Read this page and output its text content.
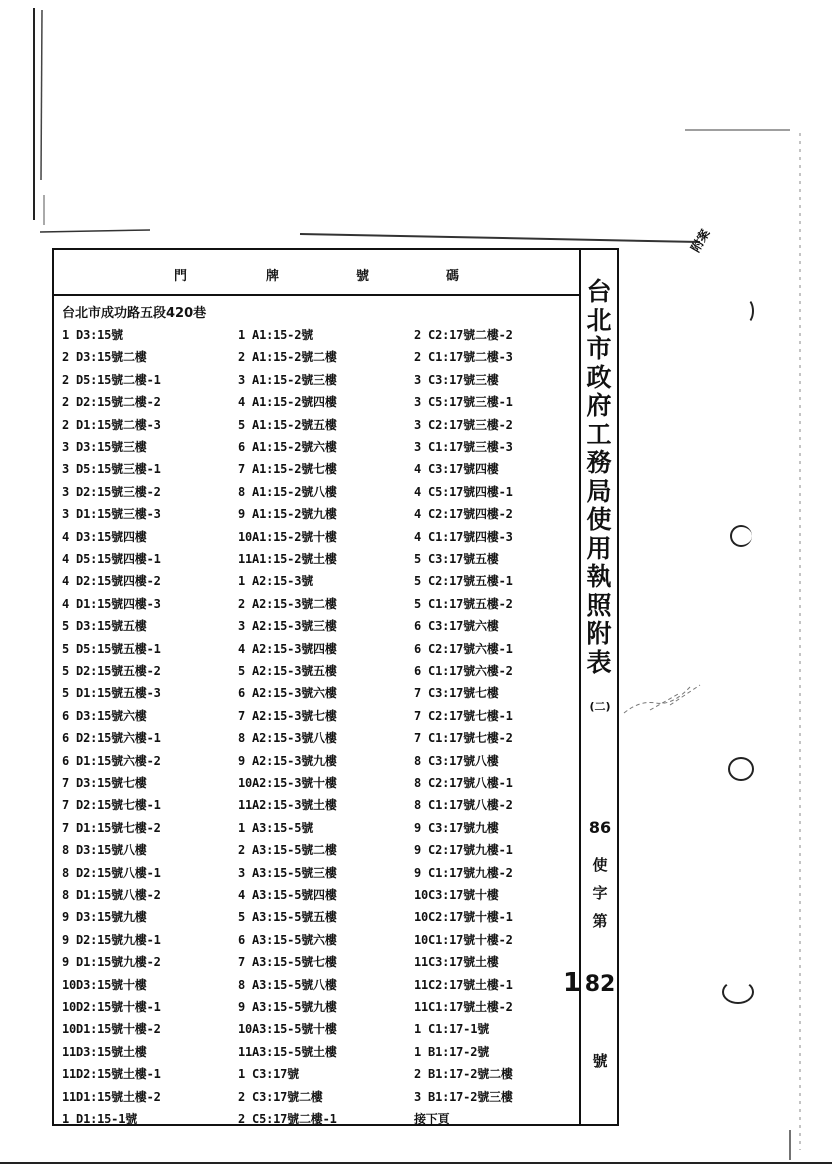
附案
門	牌	號	碼
台北市成功路五段420巷
1 D3:15號
2 D3:15號二樓
2 D5:15號二樓-1
2 D2:15號二樓-2
2 D1:15號二樓-3
3 D3:15號三樓
3 D5:15號三樓-1
3 D2:15號三樓-2
3 D1:15號三樓-3
4 D3:15號四樓
4 D5:15號四樓-1
4 D2:15號四樓-2
4 D1:15號四樓-3
5 D3:15號五樓
5 D5:15號五樓-1
5 D2:15號五樓-2
5 D1:15號五樓-3
6 D3:15號六樓
6 D2:15號六樓-1
6 D1:15號六樓-2
7 D3:15號七樓
7 D2:15號七樓-1
7 D1:15號七樓-2
8 D3:15號八樓
8 D2:15號八樓-1
8 D1:15號八樓-2
9 D3:15號九樓
9 D2:15號九樓-1
9 D1:15號九樓-2
10D3:15號十樓
10D2:15號十樓-1
10D1:15號十樓-2
11D3:15號土樓
11D2:15號土樓-1
11D1:15號土樓-2
1 D1:15-1號
1 A1:15-2號
2 A1:15-2號二樓
3 A1:15-2號三樓
4 A1:15-2號四樓
5 A1:15-2號五樓
6 A1:15-2號六樓
7 A1:15-2號七樓
8 A1:15-2號八樓
9 A1:15-2號九樓
10A1:15-2號十樓
11A1:15-2號土樓
1 A2:15-3號
2 A2:15-3號二樓
3 A2:15-3號三樓
4 A2:15-3號四樓
5 A2:15-3號五樓
6 A2:15-3號六樓
7 A2:15-3號七樓
8 A2:15-3號八樓
9 A2:15-3號九樓
10A2:15-3號十樓
11A2:15-3號土樓
1 A3:15-5號
2 A3:15-5號二樓
3 A3:15-5號三樓
4 A3:15-5號四樓
5 A3:15-5號五樓
6 A3:15-5號六樓
7 A3:15-5號七樓
8 A3:15-5號八樓
9 A3:15-5號九樓
10A3:15-5號十樓
11A3:15-5號土樓
1 C3:17號
2 C3:17號二樓
2 C5:17號二樓-1
2 C2:17號二樓-2
2 C1:17號二樓-3
3 C3:17號三樓
3 C5:17號三樓-1
3 C2:17號三樓-2
3 C1:17號三樓-3
4 C3:17號四樓
4 C5:17號四樓-1
4 C2:17號四樓-2
4 C1:17號四樓-3
5 C3:17號五樓
5 C2:17號五樓-1
5 C1:17號五樓-2
6 C3:17號六樓
6 C2:17號六樓-1
6 C1:17號六樓-2
7 C3:17號七樓
7 C2:17號七樓-1
7 C1:17號七樓-2
8 C3:17號八樓
8 C2:17號八樓-1
8 C1:17號八樓-2
9 C3:17號九樓
9 C2:17號九樓-1
9 C1:17號九樓-2
10C3:17號十樓
10C2:17號十樓-1
10C1:17號十樓-2
11C3:17號土樓
11C2:17號土樓-1
11C1:17號土樓-2
1 C1:17-1號
1 B1:17-2號
2 B1:17-2號二樓
3 B1:17-2號三樓
接下頁
台
北
市
政
府
工
務
局
使
用
執
照
附
表
(二)
86
使
字
第
82
號
1
